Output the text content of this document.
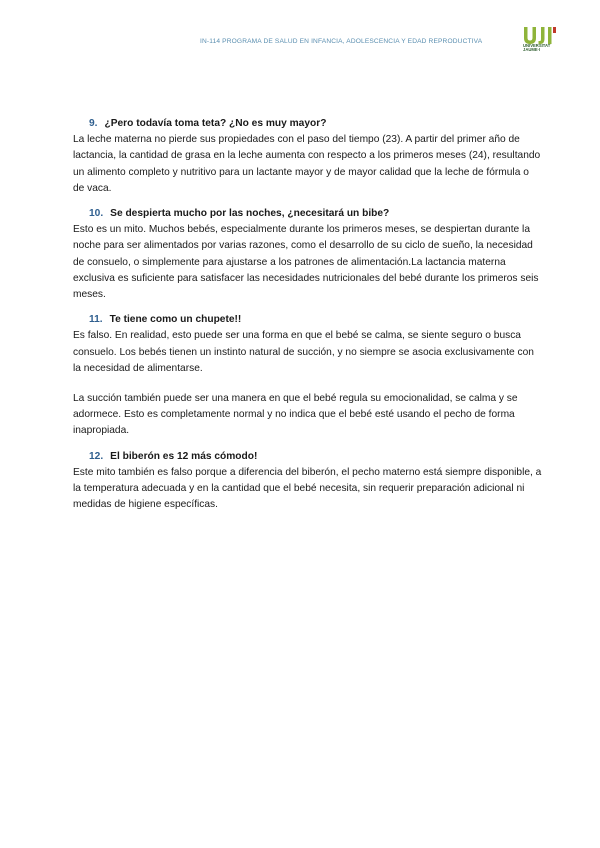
IN-114 PROGRAMA DE SALUD EN INFANCIA, ADOLESCENCIA Y EDAD REPRODUCTIVA
UNIVERSITAT JAUME·I
9. ¿Pero todavía toma teta? ¿No es muy mayor?

La leche materna no pierde sus propiedades con el paso del tiempo (23). A partir del primer año de lactancia, la cantidad de grasa en la leche aumenta con respecto a los primeros meses (24), resultando un alimento completo y nutritivo para un lactante mayor y de mayor calidad que la leche de fórmula o de vaca.

10. Se despierta mucho por las noches, ¿necesitará un bibe?

Esto es un mito. Muchos bebés, especialmente durante los primeros meses, se despiertan durante la noche para ser alimentados por varias razones, como el desarrollo de su ciclo de sueño, la necesidad de consuelo, o simplemente para ajustarse a los patrones de alimentación.La lactancia materna exclusiva es suficiente para satisfacer las necesidades nutricionales del bebé durante los primeros seis meses.

11. Te tiene como un chupete!!

Es falso. En realidad, esto puede ser una forma en que el bebé se calma, se siente seguro o busca consuelo. Los bebés tienen un instinto natural de succión, y no siempre se asocia exclusivamente con la necesidad de alimentarse.

La succión también puede ser una manera en que el bebé regula su emocionalidad, se calma y se adormece. Esto es completamente normal y no indica que el bebé esté usando el pecho de forma inapropiada.

12. El biberón es 12 más cómodo!

Este mito también es falso porque a diferencia del biberón, el pecho materno está siempre disponible, a la temperatura adecuada y en la cantidad que el bebé necesita, sin requerir preparación adicional ni medidas de higiene específicas.
